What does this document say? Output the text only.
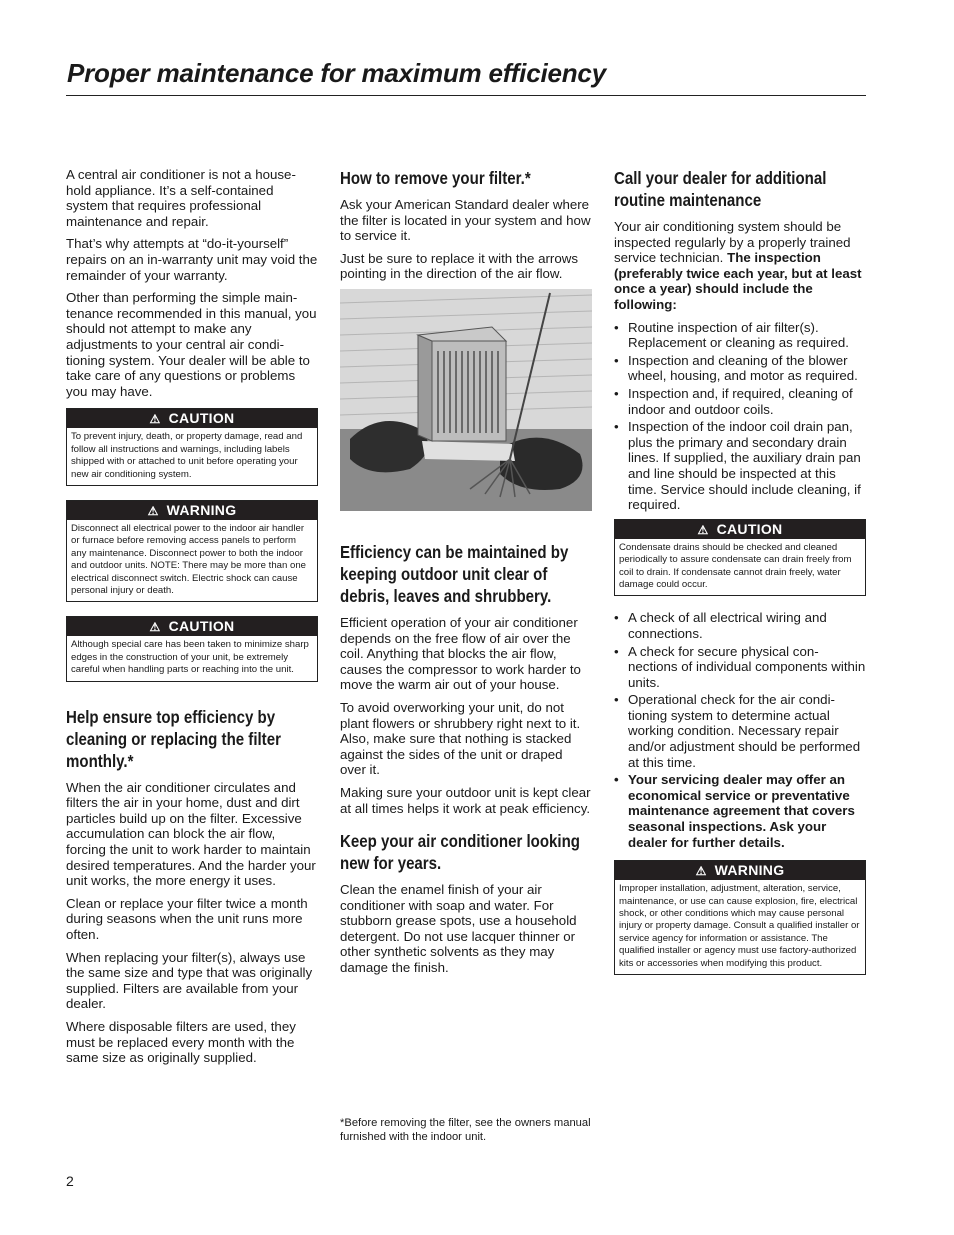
Proper maintenance for maximum efficiency

A central air conditioner is not a house-hold appliance. It’s a self-contained system that requires professional maintenance and repair.

That’s why attempts at “do-it-yourself” repairs on an in-warranty unit may void the remainder of your warranty.

Other than performing the simple main-tenance recommended in this manual, you should not attempt to make any adjustments to your central air condi-tioning system. Your dealer will be able to take care of any questions or problems you may have.

⚠ CAUTION
To prevent injury, death, or property damage, read and follow all instructions and warnings, including labels shipped with or attached to unit before operating your new air conditioning system.
⚠ WARNING
Disconnect all electrical power to the indoor air handler or furnace before removing access panels to perform any maintenance. Disconnect power to both the indoor and outdoor units. NOTE: There may be more than one electrical disconnect switch. Electric shock can cause personal injury or death.
⚠ CAUTION
Although special care has been taken to minimize sharp edges in the construction of your unit, be extremely careful when handling parts or reaching into the unit.
Help ensure top efficiency by cleaning or replacing the filter monthly.*

When the air conditioner circulates and filters the air in your home, dust and dirt particles build up on the filter. Excessive accumulation can block the air flow, forcing the unit to work harder to maintain desired temperatures. And the harder your unit works, the more energy it uses.

Clean or replace your filter twice a month during seasons when the unit runs more often.

When replacing your filter(s), always use the same size and type that was originally supplied. Filters are available from your dealer.

Where disposable filters are used, they must be replaced every month with the same size as originally supplied.

How to remove your filter.*

Ask your American Standard dealer where the filter is located in your system and how to service it.

Just be sure to replace it with the arrows pointing in the direction of the air flow.

Efficiency can be maintained by keeping outdoor unit clear of debris, leaves and shrubbery.

Efficient operation of your air conditioner depends on the free flow of air over the coil. Anything that blocks the air flow, causes the compressor to work harder to move the warm air out of your house.

To avoid overworking your unit, do not plant flowers or shrubbery right next to it. Also, make sure that nothing is stacked against the sides of the unit or draped over it.

Making sure your outdoor unit is kept clear at all times helps it work at peak efficiency.

Keep your air conditioner looking new for years.

Clean the enamel finish of your air conditioner with soap and water. For stubborn grease spots, use a household detergent. Do not use lacquer thinner or other synthetic solvents as they may damage the finish.

Call your dealer for additional routine maintenance

Your air conditioning system should be inspected regularly by a properly trained service technician. The inspection (preferably twice each year, but at least once a year) should include the following:

• Routine inspection of air filter(s). Replacement or cleaning as required.
• Inspection and cleaning of the blower wheel, housing, and motor as required.
• Inspection and, if required, cleaning of indoor and outdoor coils.
• Inspection of the indoor coil drain pan, plus the primary and secondary drain lines. If supplied, the auxiliary drain pan and line should be inspected at this time. Service should include cleaning, if required.
⚠ CAUTION
Condensate drains should be checked and cleaned periodically to assure condensate can drain freely from coil to drain. If condensate cannot drain freely, water damage could occur.
• A check of all electrical wiring and connections.
• A check for secure physical con-nections of individual components within units.
• Operational check for the air condi-tioning system to determine actual working condition. Necessary repair and/or adjustment should be performed at this time.
• Your servicing dealer may offer an economical service or preventative maintenance agreement that covers seasonal inspections. Ask your dealer for further details.
⚠ WARNING
Improper installation, adjustment, alteration, service, maintenance, or use can cause explosion, fire, electrical shock, or other conditions which may cause personal injury or property damage. Consult a qualified installer or service agency for information or assistance. The qualified installer or agency must use factory-authorized kits or accessories when modifying this product.
*Before removing the filter, see the owners manual furnished with the indoor unit.
2
